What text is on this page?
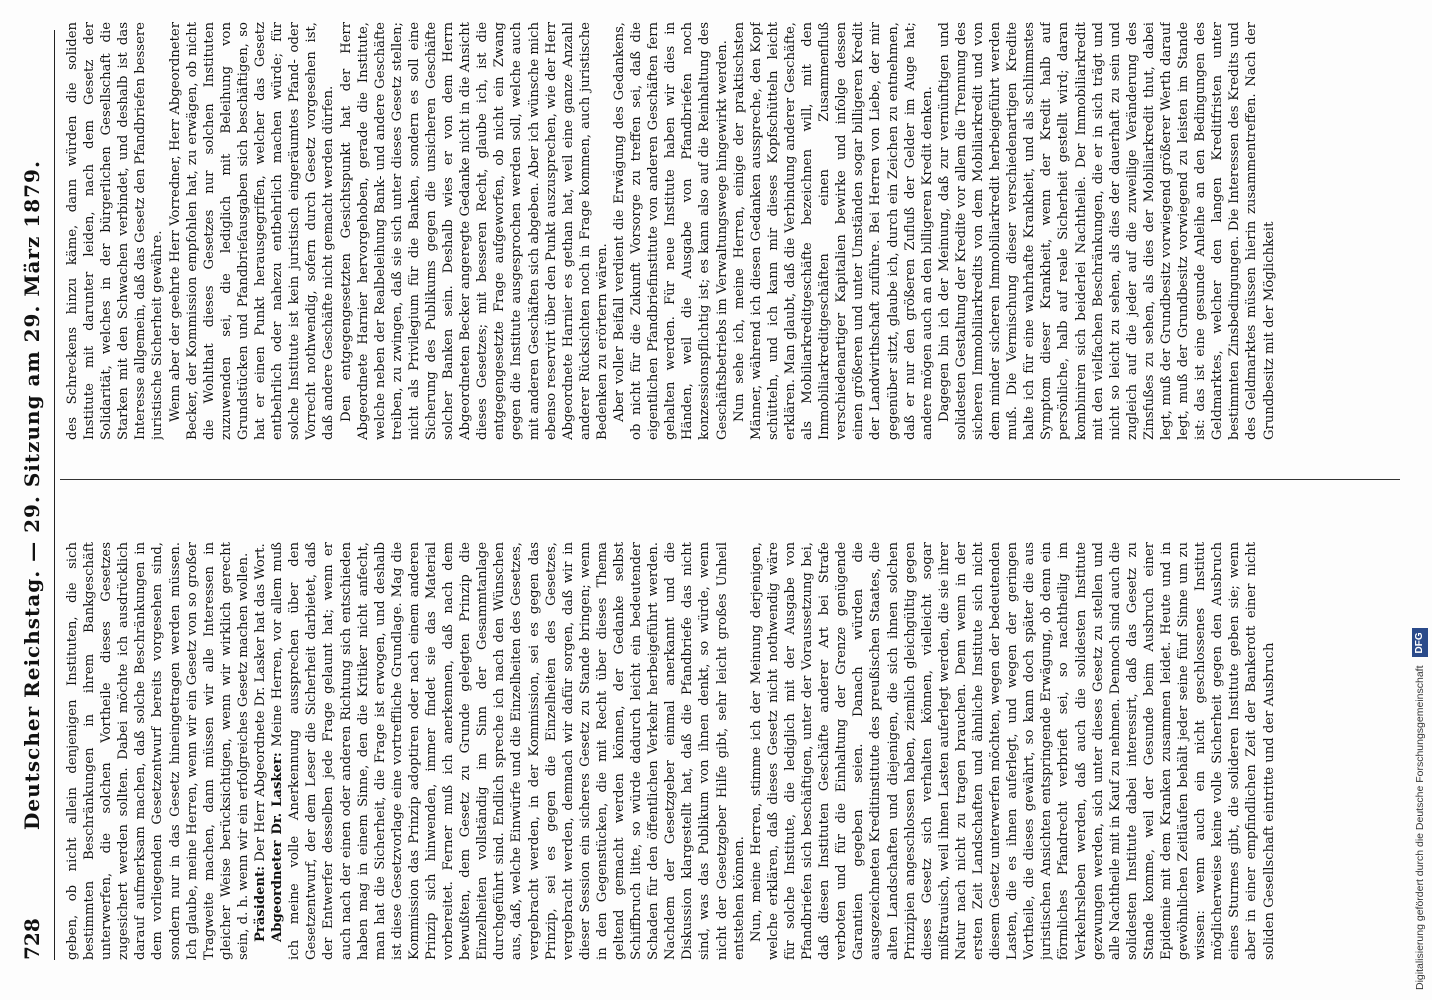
728
Deutscher Reichstag. — 29. Sitzung am 29. März 1879. geben, ob nicht allein denjenigen Instituten, die sich bestimmten Beschränkungen in ihrem Bankgeschäft unterwerfen, die solchen Vortheile dieses Gesetzes zugesichert werden sollten. Dabei möchte ich ausdrücklich darauf aufmerksam machen, daß solche Beschränkungen in dem vorliegenden Gesetzentwurf bereits vorgesehen sind, sondern nur in das Gesetz hineingetragen werden müssen. Ich glaube, meine Herren, wenn wir ein Gesetz von so großer Tragweite machen, dann müssen wir alle Interessen in gleicher Weise berücksichtigen, wenn wir wirklich gerecht sein, d. h. wenn wir ein erfolgreiches Gesetz machen wollen. Präsident: Der Herr Abgeordnete Dr. Lasker hat das Wort. Abgeordneter Dr. Lasker: Meine Herren, vor allem muß ich meine volle Anerkennung aussprechen über den Gesetzentwurf, der dem Leser die Sicherheit darbietet, daß der Entwerfer desselben jede Frage gelaunt hat; wenn er auch nach der einen oder anderen Richtung sich entschieden haben mag in einem Sinne, den die Kritiker nicht anfecht, man hat die Sicherheit, die Frage ist erwogen, und deshalb ist diese Gesetzvorlage eine vortreffliche Grundlage. Mag die Kommission das Prinzip adoptiren oder nach einem anderen Prinzip sich hinwenden, immer findet sie das Material vorbereitet. Ferner muß ich anerkennen, daß nach dem bewußten, dem Gesetz zu Grunde gelegten Prinzip die Einzelheiten vollständig im Sinn der Gesammtanlage durchgeführt sind. Endlich spreche ich nach den Wünschen aus, daß, welche Einwürfe und die Einzelheiten des Gesetzes, vergebracht werden, in der Kommission, sei es gegen das Prinzip, sei es gegen die Einzelheiten des Gesetzes, vergebracht werden, demnach wir dafür sorgen, daß wir in dieser Session ein sicheres Gesetz zu Stande bringen; wenn in den Gegenstücken, die mit Recht über dieses Thema geltend gemacht werden können, der Gedanke selbst Schiffbruch litte, so würde dadurch leicht ein bedeutender Schaden für den öffentlichen Verkehr herbeigeführt werden. Nachdem der Gesetzgeber einmal anerkannt und die Diskussion klargestellt hat, daß die Pfandbriefe das nicht sind, was das Publikum von ihnen denkt, so würde, wenn nicht der Gesetzgeber Hilfe gibt, sehr leicht großes Unheil entstehen können. Nun, meine Herren, stimme ich der Meinung derjenigen, welche erklären, daß dieses Gesetz nicht nothwendig wäre für solche Institute, die lediglich mit der Ausgabe von Pfandbriefen sich beschäftigen, unter der Voraussetzung bei, daß diesen Instituten Geschäfte anderer Art bei Strafe verboten und für die Einhaltung der Grenze genügende Garantien gegeben seien. Danach würden die ausgezeichneten Kreditinstitute des preußischen Staates, die alten Landschaften und diejenigen, die sich ihnen solchen Prinzipien angeschlossen haben, ziemlich gleichgültig gegen dieses Gesetz sich verhalten können, vielleicht sogar mißtrauisch, weil ihnen Lasten auferlegt werden, die sie ihrer Natur nach nicht zu tragen brauchen. Denn wenn in der ersten Zeit Landschaften und ähnliche Institute sich nicht diesem Gesetz unterwerfen möchten, wegen der bedeutenden Lasten, die es ihnen auferlegt, und wegen der geringen Vortheile, die dieses gewährt, so kann doch später die aus juristischen Ansichten entspringende Erwägung, ob denn ein förmliches Pfandrecht verbrieft sei, so nachtheilig im Verkehrsleben werden, daß auch die solidesten Institute gezwungen werden, sich unter dieses Gesetz zu stellen und alle Nachtheile mit in Kauf zu nehmen. Dennoch sind auch die solidesten Institute dabei interessirt, daß das Gesetz zu Stande komme, weil der Gesunde beim Ausbruch einer Epidemie mit dem Kranken zusammen leidet. Heute und in gewöhnlichen Zeitläufen behält jeder seine fünf Sinne um zu wissen: wenn auch ein nicht geschlossenes Institut möglicherweise keine volle Sicherheit gegen den Ausbruch eines Sturmes gibt, die solideren Institute geben sie; wenn aber in einer empfindlichen Zeit der Bankerott einer nicht soliden Gesellschaft eintritte und der Ausbruch

des Schreckens hinzu käme, dann würden die soliden Institute mit darunter leiden, nach dem Gesetz der Solidarität, welches in der bürgerlichen Gesellschaft die Starken mit den Schwachen verbindet, und deshalb ist das Interesse allgemein, daß das Gesetz den Pfandbriefen bessere juristische Sicherheit gewähre. Wenn aber der geehrte Herr Vorredner, Herr Abgeordneter Becker, der Kommission empfohlen hat, zu erwägen, ob nicht die Wohlthat dieses Gesetzes nur solchen Instituten zuzuwenden sei, die lediglich mit Beleihung von Grundstücken und Pfandbriefausgaben sich beschäftigen, so hat er einen Punkt herausgegriffen, welcher das Gesetz entbehrlich oder nahezu entbehrlich machen würde; für solche Institute ist kein juristisch eingeräumtes Pfand- oder Vorrecht nothwendig, sofern durch Gesetz vorgesehen ist, daß andere Geschäfte nicht gemacht werden dürfen. Den entgegengesetzten Gesichtspunkt hat der Herr Abgeordnete Harnier hervorgehoben, gerade die Institute, welche neben der Realbeleihung Bank- und andere Geschäfte treiben, zu zwingen, daß sie sich unter dieses Gesetz stellen; nicht als Privilegium für die Banken, sondern es soll eine Sicherung des Publikums gegen die unsicheren Geschäfte solcher Banken sein. Deshalb wies er von dem Herrn Abgeordneten Becker angeregte Gedanke nicht in die Ansicht dieses Gesetzes; mit besseren Recht, glaube ich, ist die entgegengesetzte Frage aufgeworfen, ob nicht ein Zwang gegen die Institute ausgesprochen werden soll, welche auch mit anderen Geschäften sich abgeben. Aber ich wünsche mich ebenso reservirt über den Punkt auszusprechen, wie der Herr Abgeordnete Harnier es gethan hat, weil eine ganze Anzahl anderer Rücksichten noch in Frage kommen, auch juristische Bedenken zu erörtern wären. Aber voller Beifall verdient die Erwägung des Gedankens, ob nicht für die Zukunft Vorsorge zu treffen sei, daß die eigentlichen Pfandbriefinstitute von anderen Geschäften fern gehalten werden. Für neue Institute haben wir dies in Händen, weil die Ausgabe von Pfandbriefen noch konzessionspflichtig ist; es kann also auf die Reinhaltung des Geschäftsbetriebs im Verwaltungswege hingewirkt werden. Nun sehe ich, meine Herren, einige der praktischsten Männer, während ich diesen Gedanken ausspreche, den Kopf schütteln, und ich kann mir dieses Kopfschütteln leicht erklären. Man glaubt, daß die Verbindung anderer Geschäfte, als Mobiliarkreditgeschäfte bezeichnen will, mit den Immobiliarkreditgeschäften einen Zusammenfluß verschiedenartiger Kapitalien bewirke und infolge dessen einen größeren und unter Umständen sogar billigeren Kredit der Landwirthschaft zuführe. Bei Herren von Liebe, der mir gegenüber sitzt, glaube ich, durch ein Zeichen zu entnehmen, daß er nur den größeren Zufluß der Gelder im Auge hat; andere mögen auch an den billigeren Kredit denken. Dagegen bin ich der Meinung, daß zur vernünftigen und solidesten Gestaltung der Kredite vor allem die Trennung des sicheren Immobiliarkredits von dem Mobiliarkredit und von dem minder sicheren Immobiliarkredit herbeigeführt werden muß. Die Vermischung dieser verschiedenartigen Kredite halte ich für eine wahrhafte Krankheit, und als schlimmstes Symptom dieser Krankheit, wenn der Kredit halb auf persönliche, halb auf reale Sicherheit gestellt wird; daran kombiniren sich beiderlei Nachtheile. Der Immobiliarkredit mit den vielfachen Beschränkungen, die er in sich trägt und nicht so leicht zu sehen, als dies der dauerhaft zu sein und zugleich auf die jeder auf die zuweilige Veränderung des Zinsfußes zu sehen, als dies der Mobiliarkredit thut, dabei legt, muß der Grundbesitz vorwiegend größerer Werth darauf legt, muß der Grundbesitz vorwiegend zu leisten im Stande ist: das ist eine gesunde Anleihe an den Bedingungen des Geldmarktes, welcher den langen Kreditfristen unter bestimmten Zinsbedingungen. Die Interessen des Kredits und des Geldmarktes müssen hierin zusammentreffen. Nach der Grundbesitz mit der Möglichkeit

Digitalisierung gefördert durch die Deutsche Forschungsgemeinschaft
DFG
